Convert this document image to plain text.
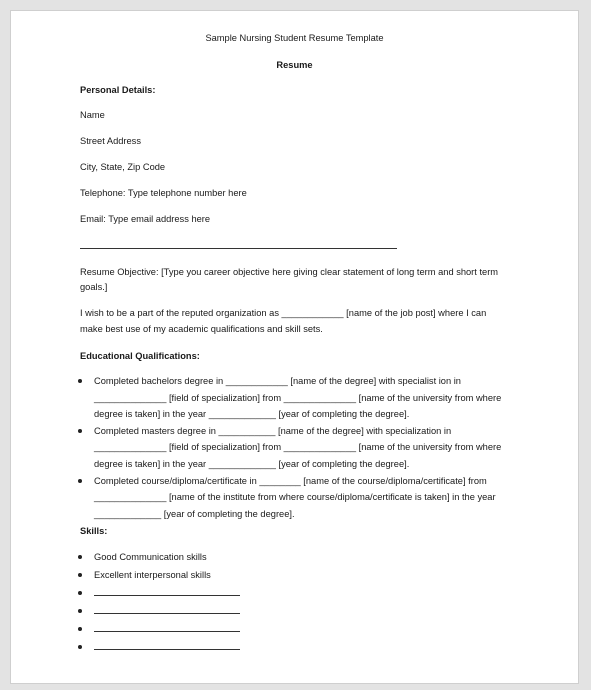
Sample Nursing Student Resume Template
Resume
Personal Details:
Name
Street Address
City, State, Zip Code
Telephone: Type telephone number here
Email: Type email address here
Resume Objective: [Type you career objective here giving clear statement of long term and short term
goals.]
I wish to be a part of the reputed organization as ____________ [name of the job post] where I can
make best use of my academic qualifications and skill sets.
Educational Qualifications:
Completed bachelors degree in ____________ [name of the degree] with specialist ion in
______________ [field of specialization] from ______________ [name of the university from where
degree is taken] in the year _____________ [year of completing the degree].
Completed masters degree in ___________ [name of the degree] with specialization in
______________ [field of specialization] from ______________ [name of the university from where
degree is taken] in the year _____________ [year of completing the degree].
Completed course/diploma/certificate in ________ [name of the course/diploma/certificate] from
______________ [name of the institute from where course/diploma/certificate is taken] in the year
_____________ [year of completing the degree].
Skills:
Good Communication skills
Excellent interpersonal skills
